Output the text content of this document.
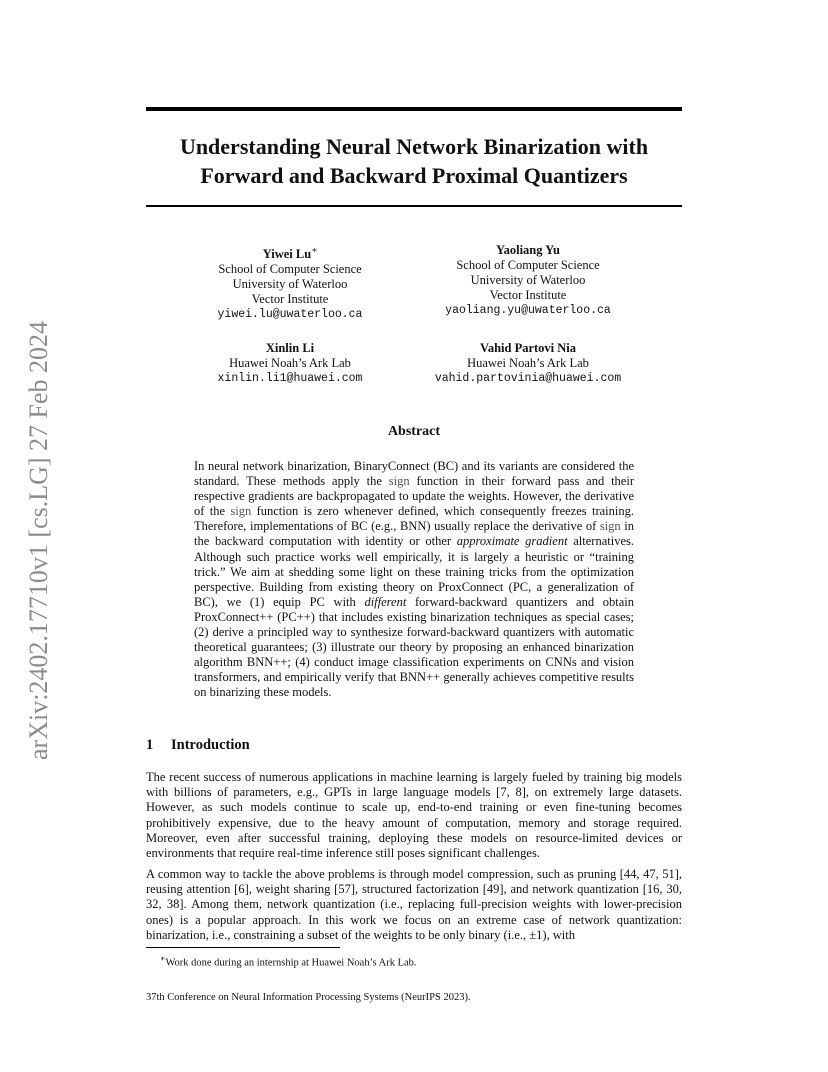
Understanding Neural Network Binarization with
Forward and Backward Proximal Quantizers
arXiv:2402.17710v1 [cs.LG] 27 Feb 2024
Yiwei Lu∗
School of Computer Science
University of Waterloo
Vector Institute
yiwei.lu@uwaterloo.ca
Yaoliang Yu
School of Computer Science
University of Waterloo
Vector Institute
yaoliang.yu@uwaterloo.ca
Xinlin Li
Huawei Noah’s Ark Lab
xinlin.li1@huawei.com
Vahid Partovi Nia
Huawei Noah’s Ark Lab
vahid.partovinia@huawei.com
Abstract
In neural network binarization, BinaryConnect (BC) and its variants are considered the standard. These methods apply the sign function in their forward pass and their respective gradients are backpropagated to update the weights. However, the derivative of the sign function is zero whenever defined, which consequently freezes training. Therefore, implementations of BC (e.g., BNN) usually replace the derivative of sign in the backward computation with identity or other approximate gradient alternatives. Although such practice works well empirically, it is largely a heuristic or “training trick.” We aim at shedding some light on these training tricks from the optimization perspective. Building from existing theory on ProxConnect (PC, a generalization of BC), we (1) equip PC with different forward-backward quantizers and obtain ProxConnect++ (PC++) that includes existing binarization techniques as special cases; (2) derive a principled way to synthesize forward-backward quantizers with automatic theoretical guarantees; (3) illustrate our theory by proposing an enhanced binarization algorithm BNN++; (4) conduct image classification experiments on CNNs and vision transformers, and empirically verify that BNN++ generally achieves competitive results on binarizing these models.
1 Introduction
The recent success of numerous applications in machine learning is largely fueled by training big models with billions of parameters, e.g., GPTs in large language models [7, 8], on extremely large datasets. However, as such models continue to scale up, end-to-end training or even fine-tuning becomes prohibitively expensive, due to the heavy amount of computation, memory and storage required. Moreover, even after successful training, deploying these models on resource-limited devices or environments that require real-time inference still poses significant challenges.
A common way to tackle the above problems is through model compression, such as pruning [44, 47, 51], reusing attention [6], weight sharing [57], structured factorization [49], and network quantization [16, 30, 32, 38]. Among them, network quantization (i.e., replacing full-precision weights with lower-precision ones) is a popular approach. In this work we focus on an extreme case of network quantization: binarization, i.e., constraining a subset of the weights to be only binary (i.e., ±1), with
∗Work done during an internship at Huawei Noah’s Ark Lab.
37th Conference on Neural Information Processing Systems (NeurIPS 2023).
